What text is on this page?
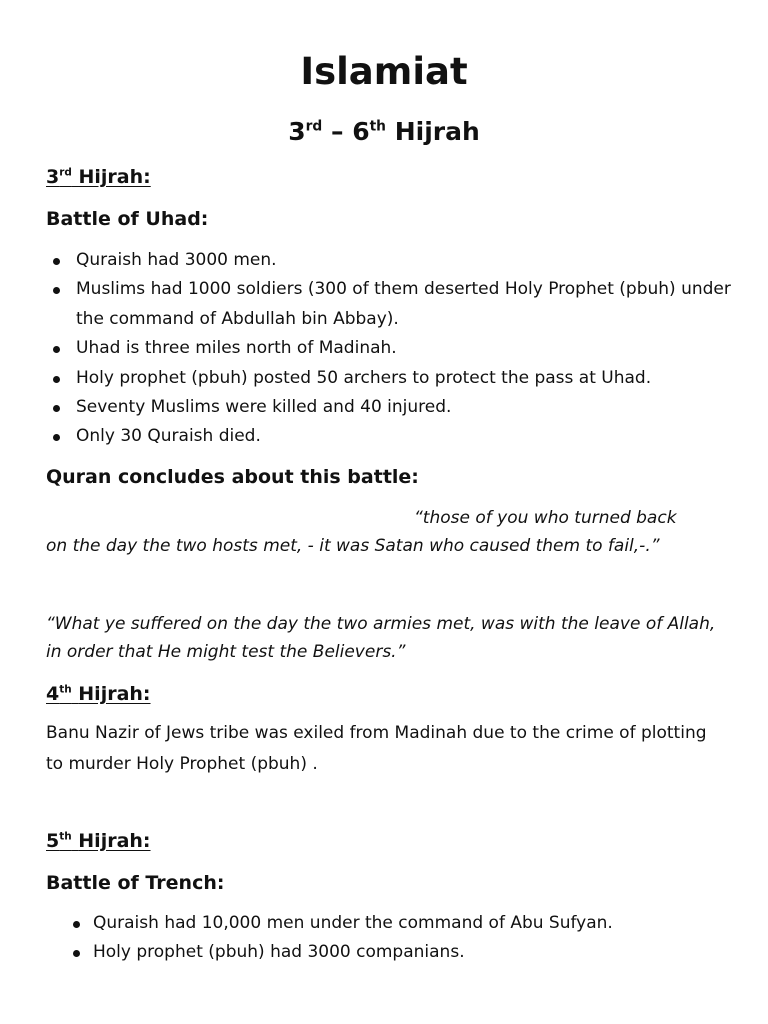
Islamiat
3rd – 6th Hijrah
3rd Hijrah:
Battle of Uhad:
Quraish had 3000 men.
Muslims had 1000 soldiers (300 of them deserted Holy Prophet (pbuh) under the command of Abdullah bin Abbay).
Uhad is three miles north of Madinah.
Holy prophet (pbuh) posted 50 archers to protect the pass at Uhad.
Seventy Muslims were killed and 40 injured.
Only 30 Quraish died.
Quran concludes about this battle:
“those of you who turned back
on the day the two hosts met, - it was Satan who caused them to fail,-.”
“What ye suffered on the day the two armies met, was with the leave of Allah, in order that He might test the Believers.”
4th Hijrah:
Banu Nazir of Jews tribe was exiled from Madinah due to the crime of plotting to murder Holy Prophet (pbuh) .
5th Hijrah:
Battle of Trench:
Quraish had 10,000 men under the command of Abu Sufyan.
Holy prophet (pbuh) had 3000 companians.
